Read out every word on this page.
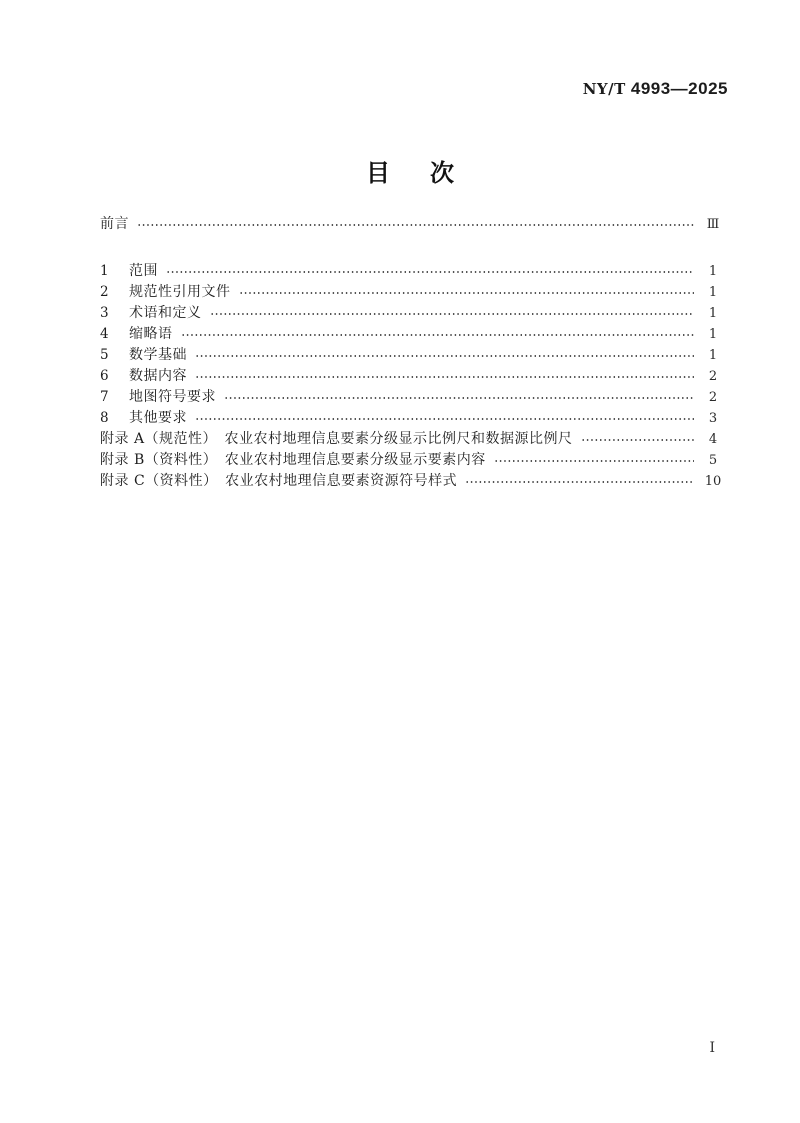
NY/T 4993—2025
目　次
前言	Ⅲ
1	范围	1
2	规范性引用文件	1
3	术语和定义	1
4	缩略语	1
5	数学基础	1
6	数据内容	2
7	地图符号要求	2
8	其他要求	3
附录 A（规范性）　农业农村地理信息要素分级显示比例尺和数据源比例尺	4
附录 B（资料性）　农业农村地理信息要素分级显示要素内容	5
附录 C（资料性）　农业农村地理信息要素资源符号样式	10
Ⅰ
